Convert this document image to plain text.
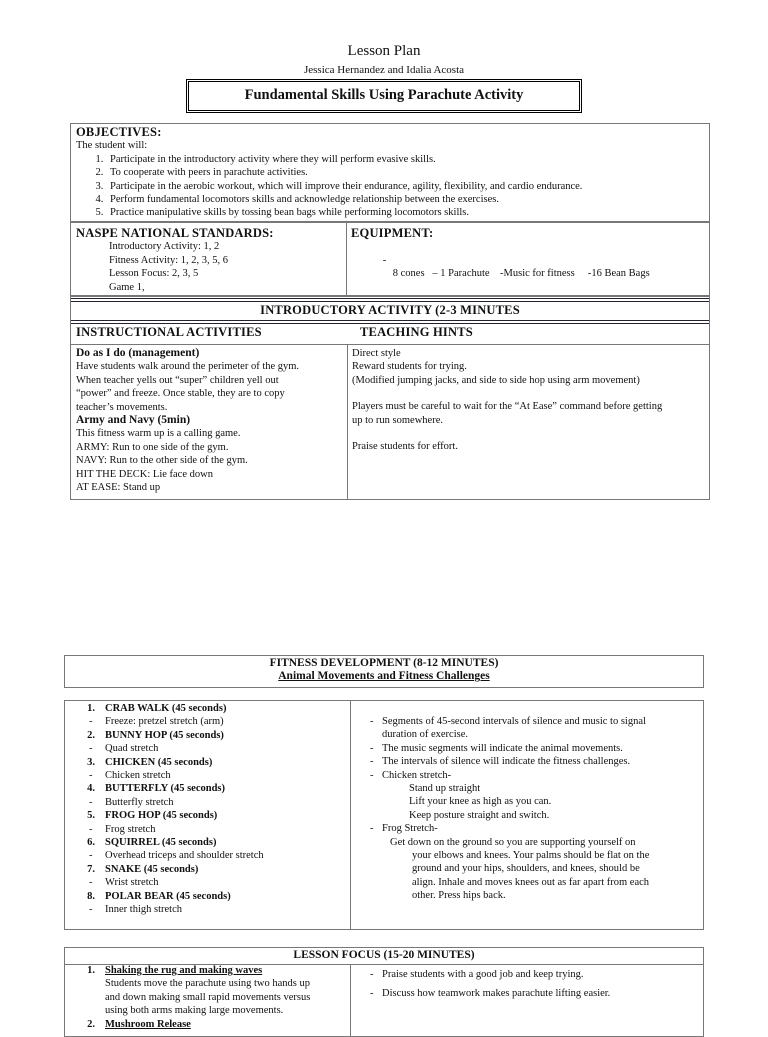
Lesson Plan
Jessica Hernandez and Idalia Acosta
Fundamental Skills Using Parachute Activity
OBJECTIVES:
The student will:
1. Participate in the introductory activity where they will perform evasive skills.
2. To cooperate with peers in parachute activities.
3. Participate in the aerobic workout, which will improve their endurance, agility, flexibility, and cardio endurance.
4. Perform fundamental locomotors skills and acknowledge relationship between the exercises.
5. Practice manipulative skills by tossing bean bags while performing locomotors skills.
NASPE NATIONAL STANDARDS:
Introductory Activity: 1, 2
Fitness Activity: 1, 2, 3, 5, 6
Lesson Focus: 2, 3, 5
Game 1,
EQUIPMENT:

-
8 cones   – 1 Parachute    -Music for fitness     -16 Bean Bags

INTRODUCTORY ACTIVITY (2-3 MINUTES
INSTRUCTIONAL ACTIVITIES	TEACHING HINTS
Do as I do (management)
Have students walk around the perimeter of the gym.
When teacher yells out “super” children yell out
“power” and freeze. Once stable, they are to copy
teacher’s movements.
Army and Navy (5min)
This fitness warm up is a calling game.
ARMY: Run to one side of the gym.
NAVY: Run to the other side of the gym.
HIT THE DECK: Lie face down
AT EASE: Stand up
Direct style
Reward students for trying.
(Modified jumping jacks, and side to side hop using arm movement)
Players must be careful to wait for the “At Ease” command before getting
up to run somewhere.
Praise students for effort.
FITNESS DEVELOPMENT (8-12 MINUTES)
Animal Movements and Fitness Challenges
1. CRAB WALK (45 seconds)
-	Freeze: pretzel stretch (arm)
2. BUNNY HOP (45 seconds)
-	Quad stretch
3. CHICKEN (45 seconds)
-	Chicken stretch
4. BUTTERFLY (45 seconds)
-	Butterfly stretch
5. FROG HOP (45 seconds)
-	Frog stretch
6. SQUIRREL (45 seconds)
-	Overhead triceps and shoulder stretch
7. SNAKE (45 seconds)
-	Wrist stretch
8. POLAR BEAR (45 seconds)
-	Inner thigh stretch
- Segments of 45-second intervals of silence and music to signal
duration of exercise.
- The music segments will indicate the animal movements.
- The intervals of silence will indicate the fitness challenges.
- Chicken stretch-
Stand up straight
Lift your knee as high as you can.
Keep posture straight and switch.
- Frog Stretch-
Get down on the ground so you are supporting yourself on
your elbows and knees. Your palms should be flat on the
ground and your hips, shoulders, and knees, should be
align. Inhale and moves knees out as far apart from each
other. Press hips back.
LESSON FOCUS (15-20 MINUTES)
1. Shaking the rug and making waves
Students move the parachute using two hands up
and down making small rapid movements versus
using both arms making large movements.
2. Mushroom Release
- Praise students with a good job and keep trying.
- Discuss how teamwork makes parachute lifting easier.
